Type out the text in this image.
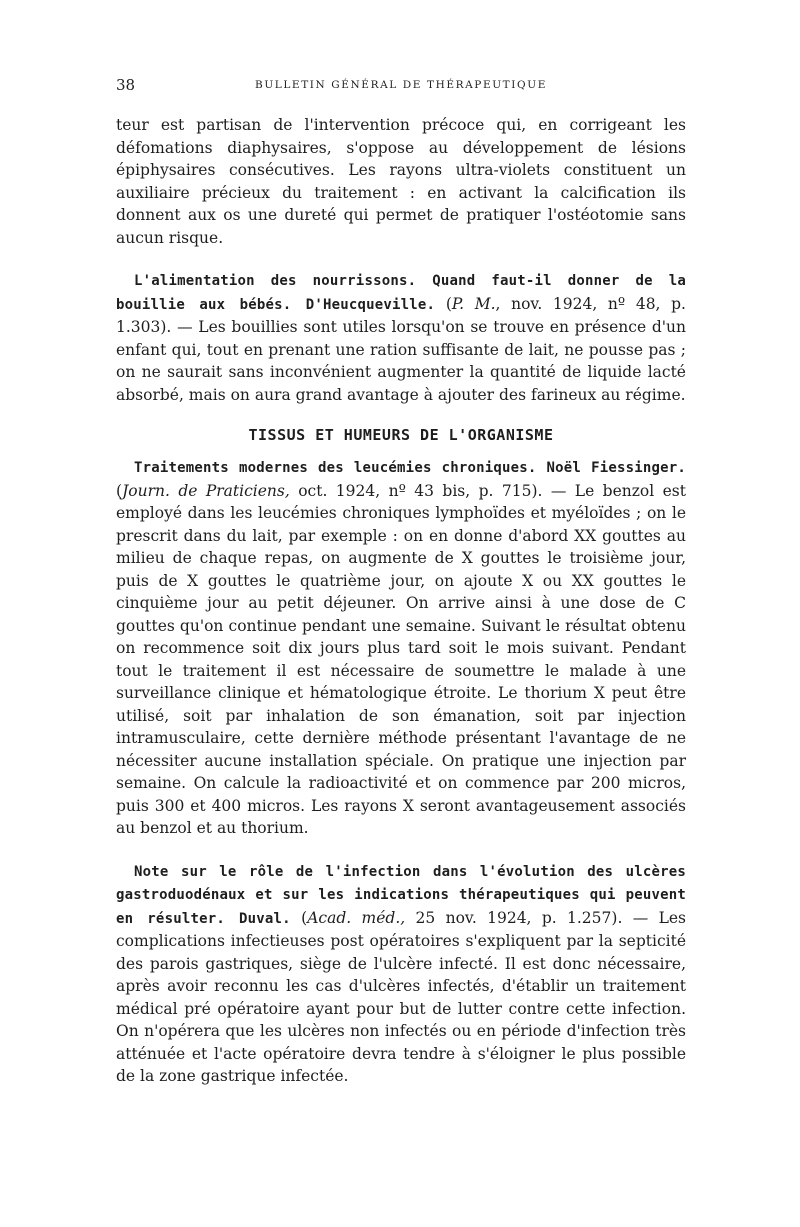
38	BULLETIN GÉNÉRAL DE THÉRAPEUTIQUE

teur est partisan de l'intervention précoce qui, en corrigeant les défomations diaphysaires, s'oppose au développement de lésions épiphysaires consécutives. Les rayons ultra-violets constituent un auxiliaire précieux du traitement : en activant la calcification ils donnent aux os une dureté qui permet de pratiquer l'ostéotomie sans aucun risque.

L'alimentation des nourrissons. Quand faut-il donner de la bouillie aux bébés. D'Heucqueville. (P. M., nov. 1924, nº 48, p. 1.303). — Les bouillies sont utiles lorsqu'on se trouve en présence d'un enfant qui, tout en prenant une ration suffisante de lait, ne pousse pas ; on ne saurait sans inconvénient augmenter la quantité de liquide lacté absorbé, mais on aura grand avantage à ajouter des farineux au régime.

TISSUS ET HUMEURS DE L'ORGANISME

Traitements modernes des leucémies chroniques. Noël Fiessinger. (Journ. de Praticiens, oct. 1924, nº 43 bis, p. 715). — Le benzol est employé dans les leucémies chroniques lymphoïdes et myéloïdes ; on le prescrit dans du lait, par exemple : on en donne d'abord XX gouttes au milieu de chaque repas, on augmente de X gouttes le troisième jour, puis de X gouttes le quatrième jour, on ajoute X ou XX gouttes le cinquième jour au petit déjeuner. On arrive ainsi à une dose de C gouttes qu'on continue pendant une semaine. Suivant le résultat obtenu on recommence soit dix jours plus tard soit le mois suivant. Pendant tout le traitement il est nécessaire de soumettre le malade à une surveillance clinique et hématologique étroite. Le thorium X peut être utilisé, soit par inhalation de son émanation, soit par injection intramusculaire, cette dernière méthode présentant l'avantage de ne nécessiter aucune installation spéciale. On pratique une injection par semaine. On calcule la radioactivité et on commence par 200 micros, puis 300 et 400 micros. Les rayons X seront avantageusement associés au benzol et au thorium.

Note sur le rôle de l'infection dans l'évolution des ulcères gastroduodénaux et sur les indications thérapeutiques qui peuvent en résulter. Duval. (Acad. méd., 25 nov. 1924, p. 1.257). — Les complications infectieuses post opératoires s'expliquent par la septicité des parois gastriques, siège de l'ulcère infecté. Il est donc nécessaire, après avoir reconnu les cas d'ulcères infectés, d'établir un traitement médical pré opératoire ayant pour but de lutter contre cette infection. On n'opérera que les ulcères non infectés ou en période d'infection très atténuée et l'acte opératoire devra tendre à s'éloigner le plus possible de la zone gastrique infectée.
